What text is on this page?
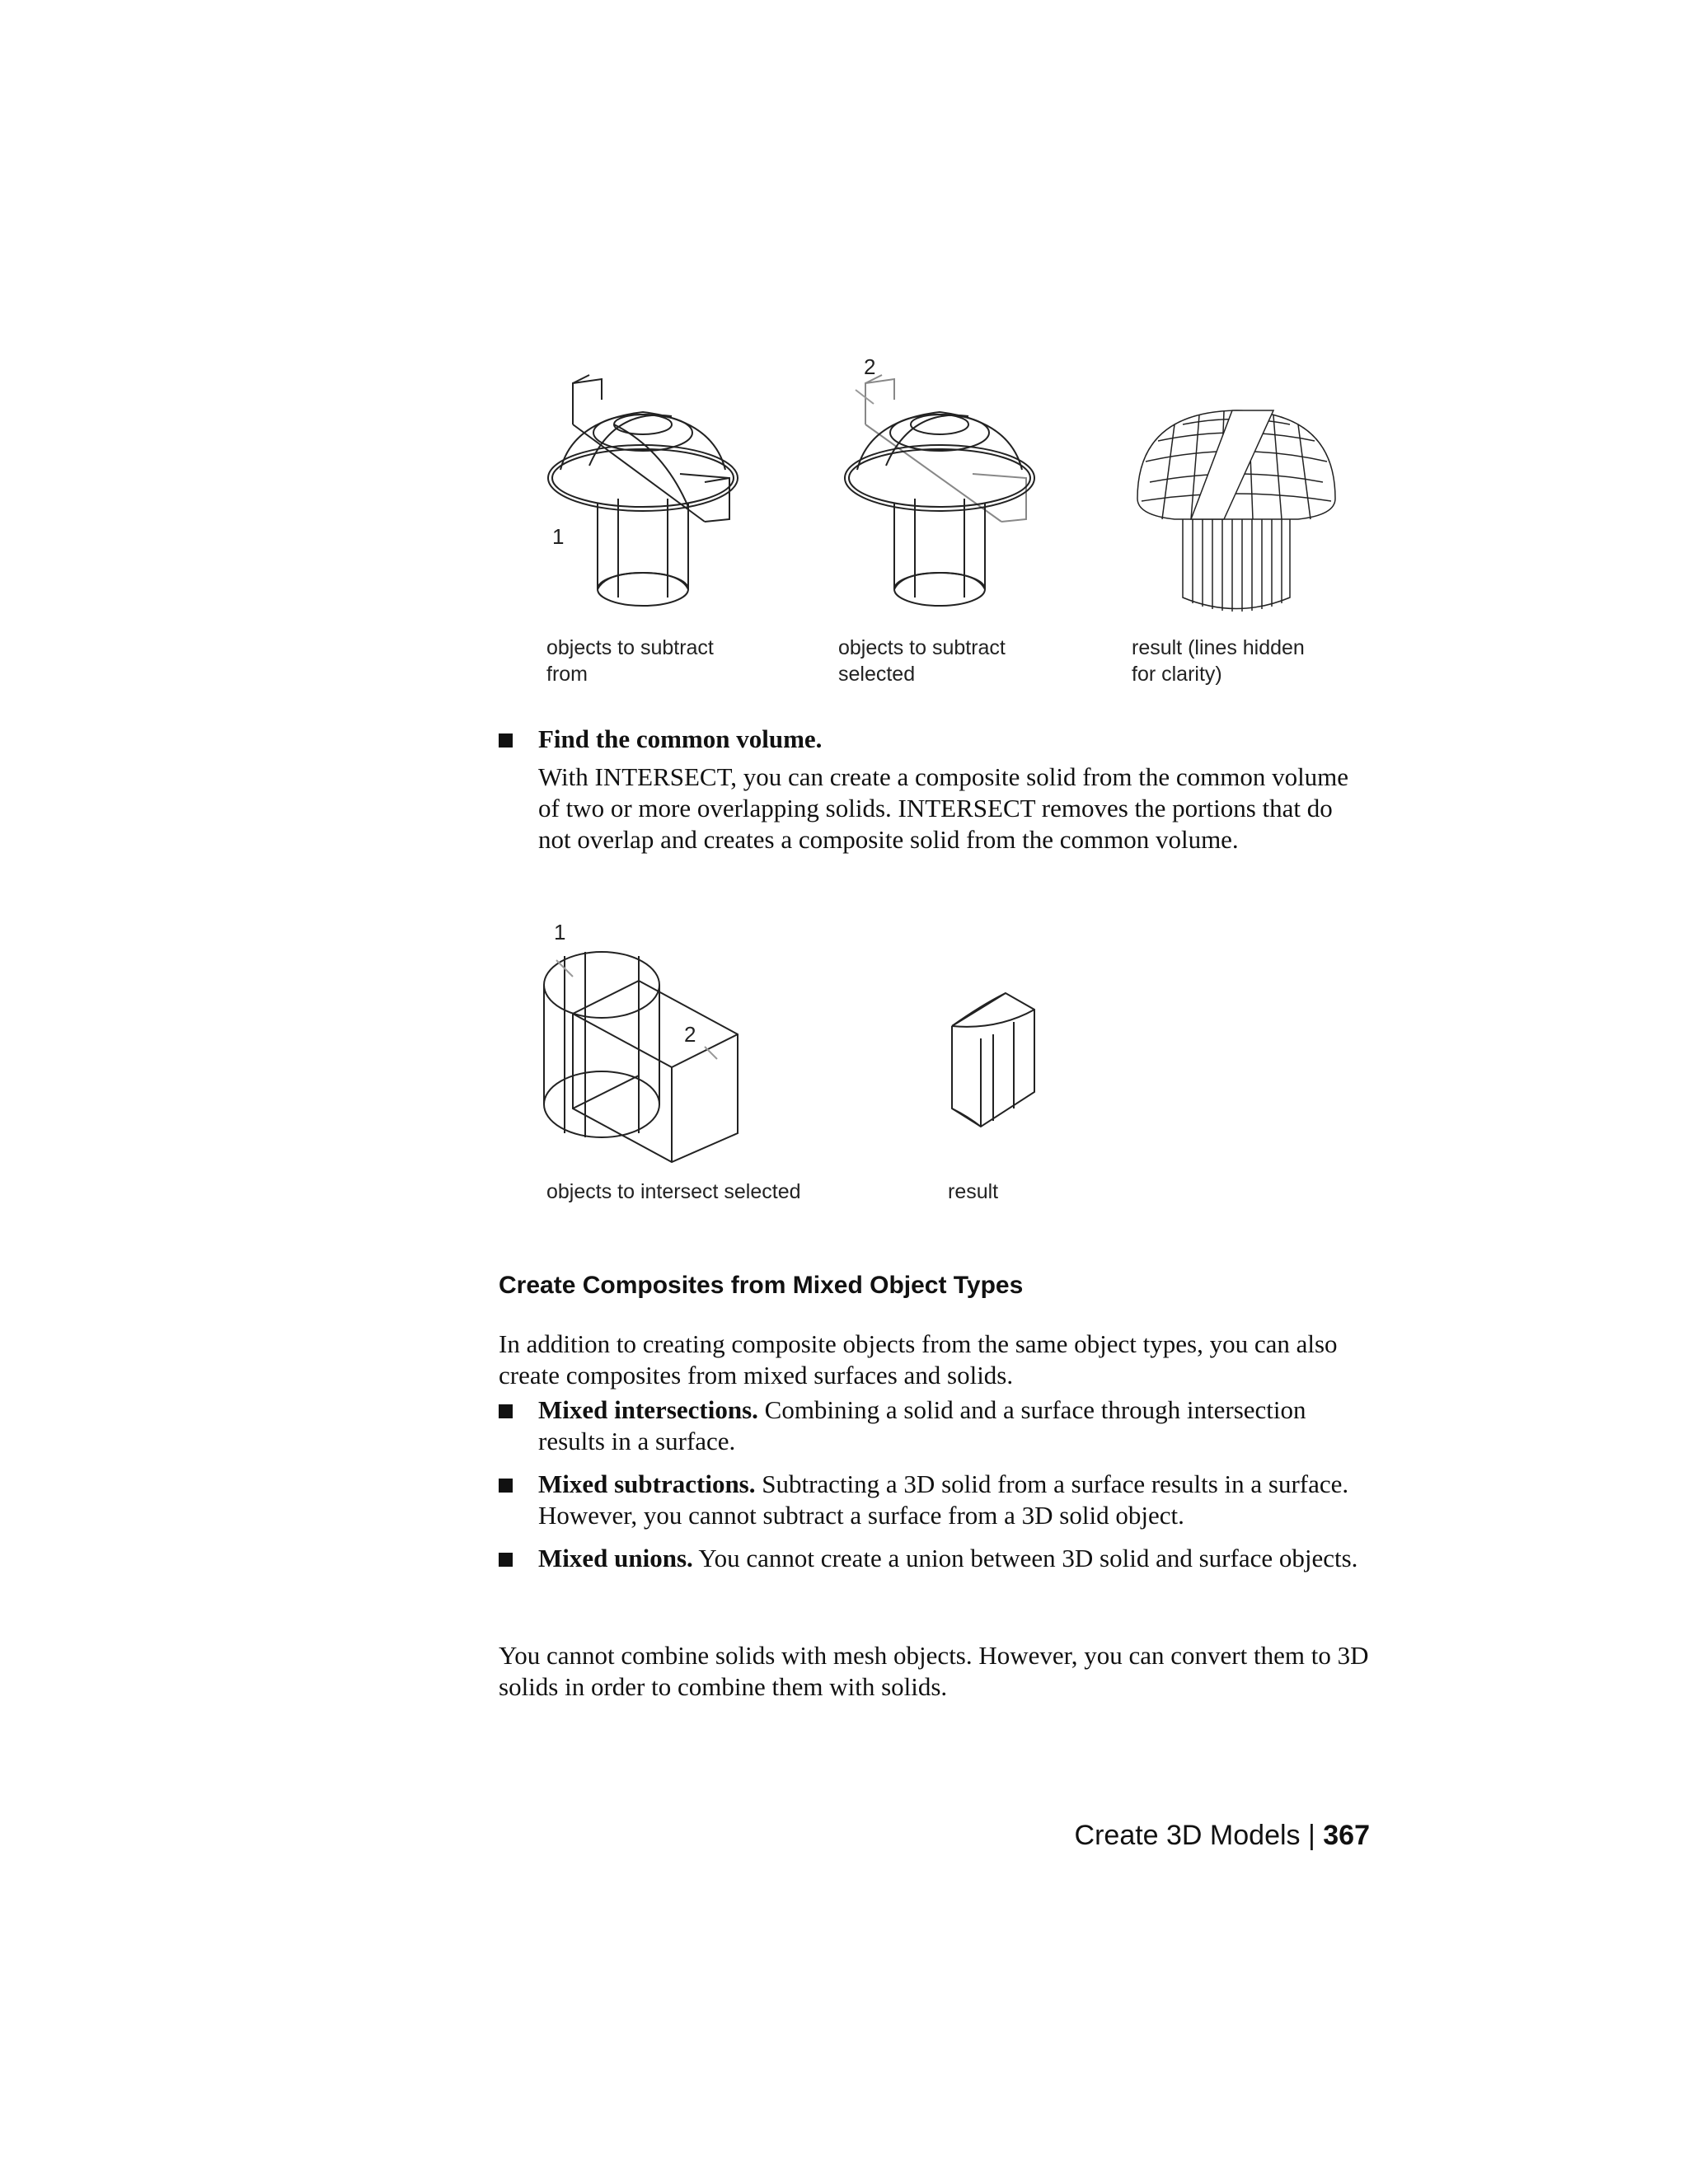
1
2
objects to subtract
from
objects to subtract
selected
result (lines hidden
for clarity)
Find the common volume.
With INTERSECT, you can create a composite solid from the common volume of two or more overlapping solids. INTERSECT removes the portions that do not overlap and creates a composite solid from the common volume.
1
2
objects to intersect selected	result
Create Composites from Mixed Object Types
In addition to creating composite objects from the same object types, you can also create composites from mixed surfaces and solids.
Mixed intersections. Combining a solid and a surface through intersection results in a surface.
Mixed subtractions. Subtracting a 3D solid from a surface results in a surface. However, you cannot subtract a surface from a 3D solid object.
Mixed unions. You cannot create a union between 3D solid and surface objects.
You cannot combine solids with mesh objects. However, you can convert them to 3D solids in order to combine them with solids.
Create 3D Models | 367
